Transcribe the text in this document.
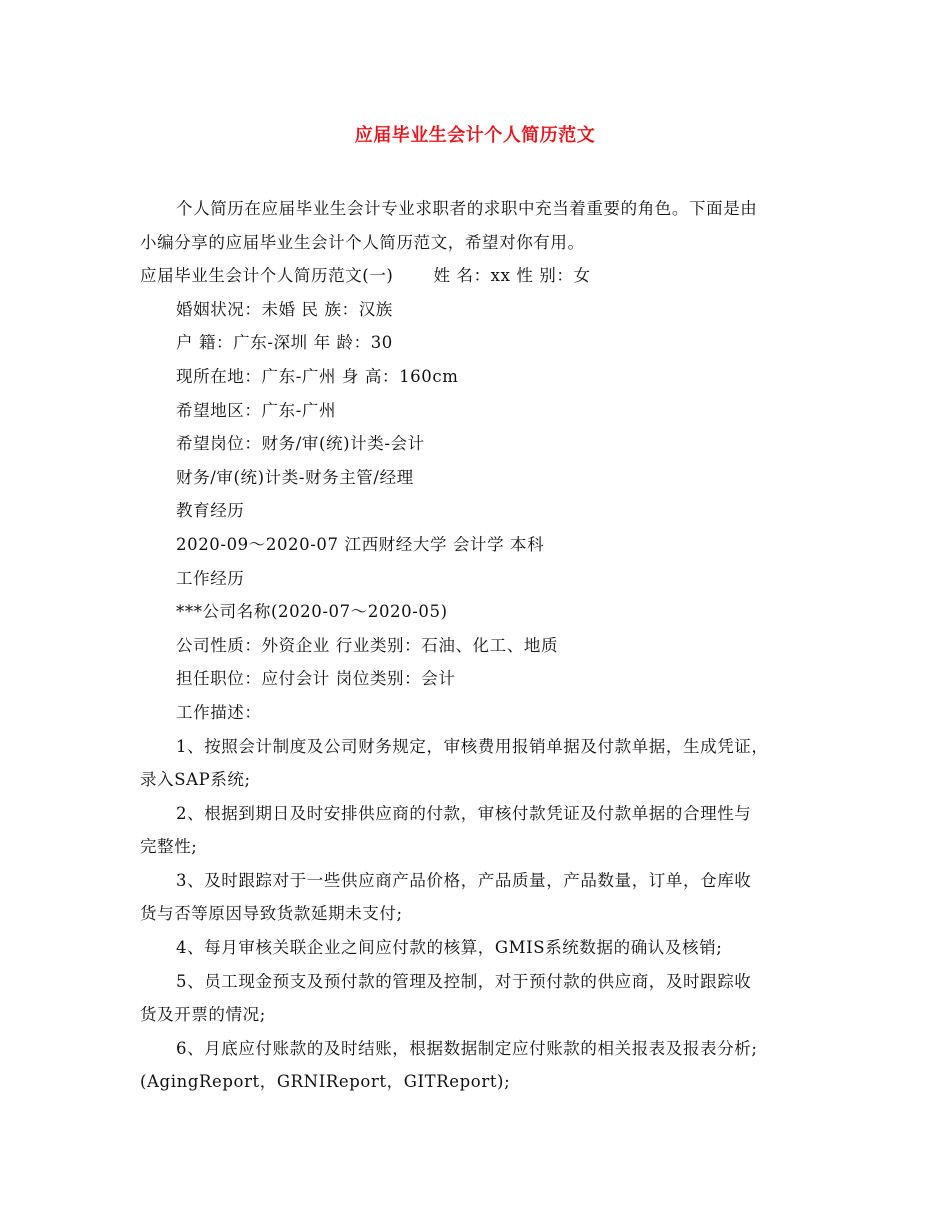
应届毕业生会计个人简历范文
个人简历在应届毕业生会计专业求职者的求职中充当着重要的角色。下面是由
小编分享的应届毕业生会计个人简历范文，希望对你有用。
应届毕业生会计个人简历范文(一)　　 姓 名：xx 性 别：女
婚姻状况：未婚 民 族：汉族
户 籍：广东-深圳 年 龄：30
现所在地：广东-广州 身 高：160cm
希望地区：广东-广州
希望岗位：财务/审(统)计类-会计
财务/审(统)计类-财务主管/经理
教育经历
2020-09～2020-07 江西财经大学 会计学 本科
工作经历
***公司名称(2020-07～2020-05)
公司性质：外资企业 行业类别：石油、化工、地质
担任职位：应付会计 岗位类别：会计
工作描述：
1、按照会计制度及公司财务规定，审核费用报销单据及付款单据，生成凭证，
录入SAP系统;
2、根据到期日及时安排供应商的付款，审核付款凭证及付款单据的合理性与
完整性;
3、及时跟踪对于一些供应商产品价格，产品质量，产品数量，订单，仓库收
货与否等原因导致货款延期未支付;
4、每月审核关联企业之间应付款的核算，GMIS系统数据的确认及核销;
5、员工现金预支及预付款的管理及控制，对于预付款的供应商，及时跟踪收
货及开票的情况;
6、月底应付账款的及时结账，根据数据制定应付账款的相关报表及报表分析;
(AgingReport，GRNIReport，GITReport);
